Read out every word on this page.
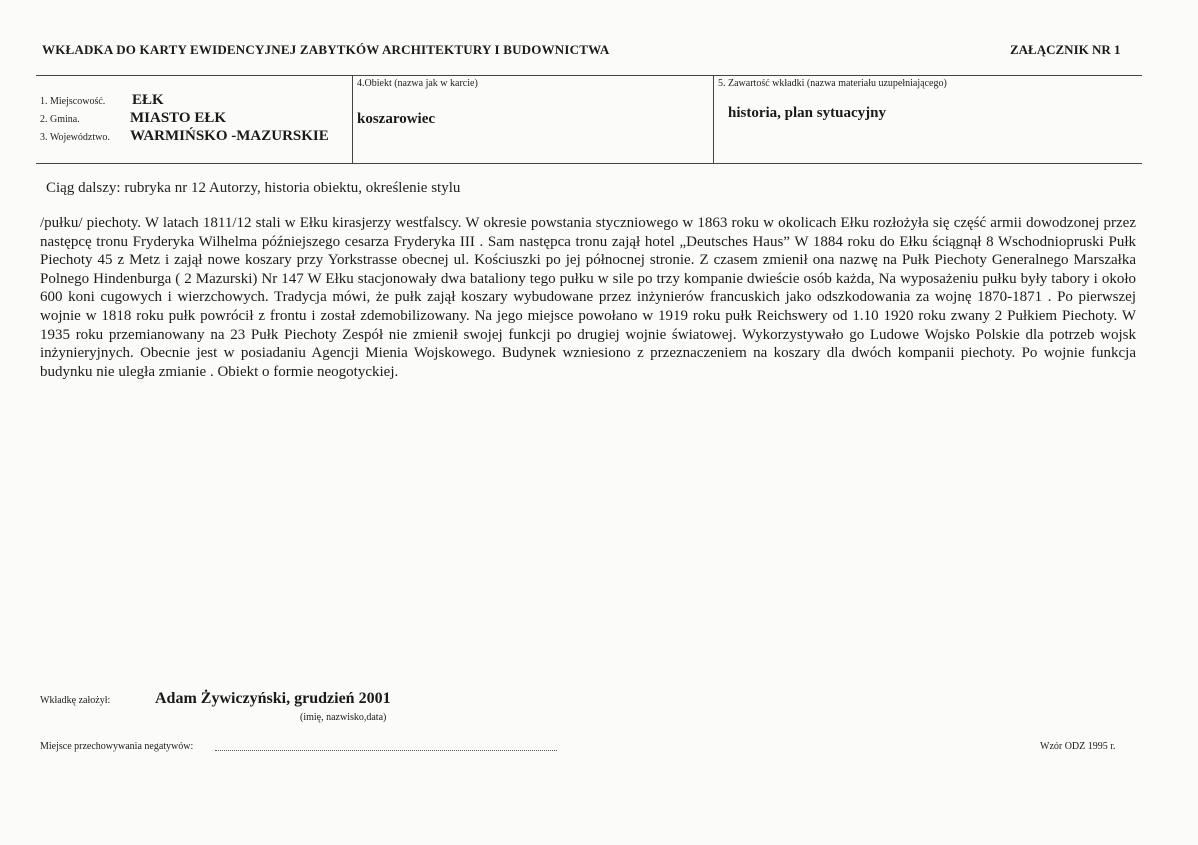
WKŁADKA DO KARTY EWIDENCYJNEJ ZABYTKÓW ARCHITEKTURY I BUDOWNICTWA	ZAŁĄCZNIK NR 1
1. Miejscowość.	EŁK
2. Gmina.	MIASTO EŁK
3. Województwo.	WARMIŃSKO -MAZURSKIE
4.Obiekt (nazwa jak w karcie)
koszarowiec
5. Zawartość wkładki (nazwa materiału uzupełniającego)
historia, plan sytuacyjny
Ciąg dalszy: rubryka nr 12 Autorzy, historia obiektu, określenie stylu

/pułku/ piechoty. W latach 1811/12 stali w Ełku kirasjerzy westfalscy. W okresie powstania styczniowego w 1863 roku w okolicach Ełku rozłożyła się część armii dowodzonej przez następcę tronu Fryderyka Wilhelma późniejszego cesarza Fryderyka III . Sam następca tronu zajął hotel „Deutsches Haus” W 1884 roku do Ełku ściągnął 8 Wschodniopruski Pułk Piechoty 45 z Metz i zajął nowe koszary przy Yorkstrasse obecnej ul. Kościuszki po jej północnej stronie. Z czasem zmienił ona nazwę na Pułk Piechoty Generalnego Marszałka Polnego Hindenburga ( 2 Mazurski) Nr 147 W Ełku stacjonowały dwa bataliony tego pułku w sile po trzy kompanie dwieście osób każda, Na wyposażeniu pułku były tabory i około 600 koni cugowych i wierzchowych. Tradycja mówi, że pułk zajął koszary wybudowane przez inżynierów francuskich jako odszkodowania za wojnę 1870-1871 . Po pierwszej wojnie w 1818 roku pułk powrócił z frontu i został zdemobilizowany. Na jego miejsce powołano w 1919 roku pułk Reichswery od 1.10 1920 roku zwany 2 Pułkiem Piechoty. W 1935 roku przemianowany na 23 Pułk Piechoty Zespół nie zmienił swojej funkcji po drugiej wojnie światowej. Wykorzystywało go Ludowe Wojsko Polskie dla potrzeb wojsk inżynieryjnych. Obecnie jest w posiadaniu Agencji Mienia Wojskowego. Budynek wzniesiono z przeznaczeniem na koszary dla dwóch kompanii piechoty. Po wojnie funkcja budynku nie uległa zmianie . Obiekt o formie neogotyckiej.

Wkładkę założył:	Adam Żywiczyński, grudzień 2001
(imię, nazwisko,data)
Miejsce przechowywania negatywów:	Wzór ODZ 1995 r.
